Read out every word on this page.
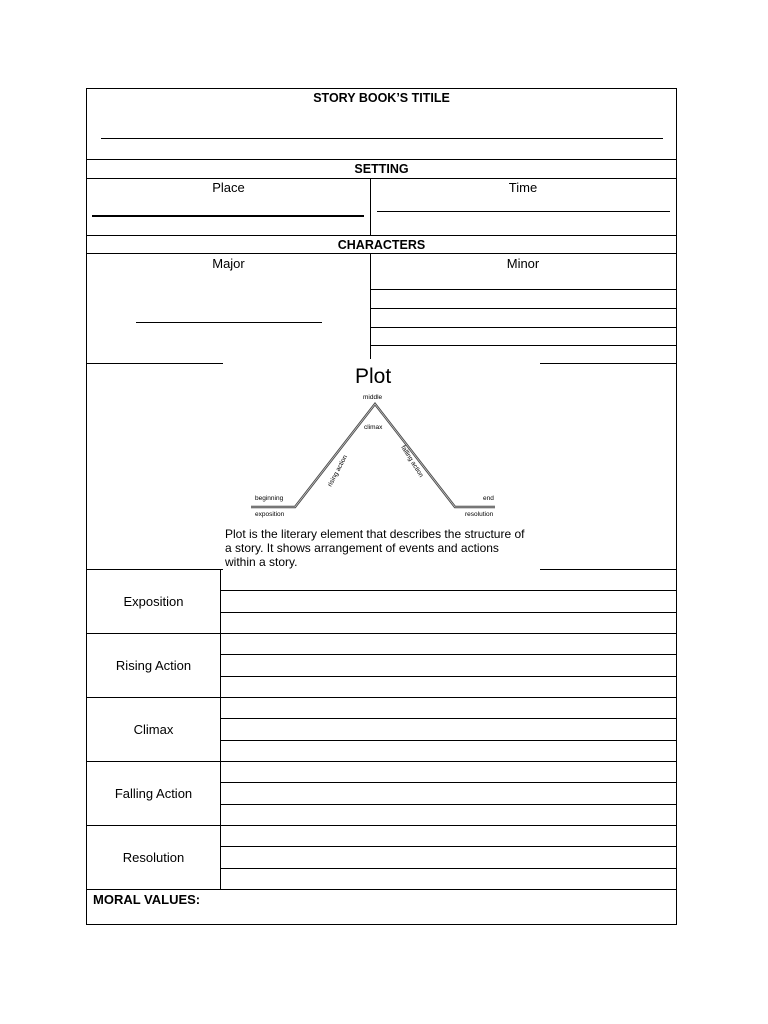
STORY BOOK’S TITILE
SETTING
Place	Time
CHARACTERS
Major	Minor
Plot
middle
climax
rising action	falling action
beginning
exposition
end
resolution
Plot is the literary element that describes the structure of
a story. It shows arrangement of events and actions
within a story.
Exposition
Rising Action
Climax
Falling Action
Resolution
MORAL VALUES:
